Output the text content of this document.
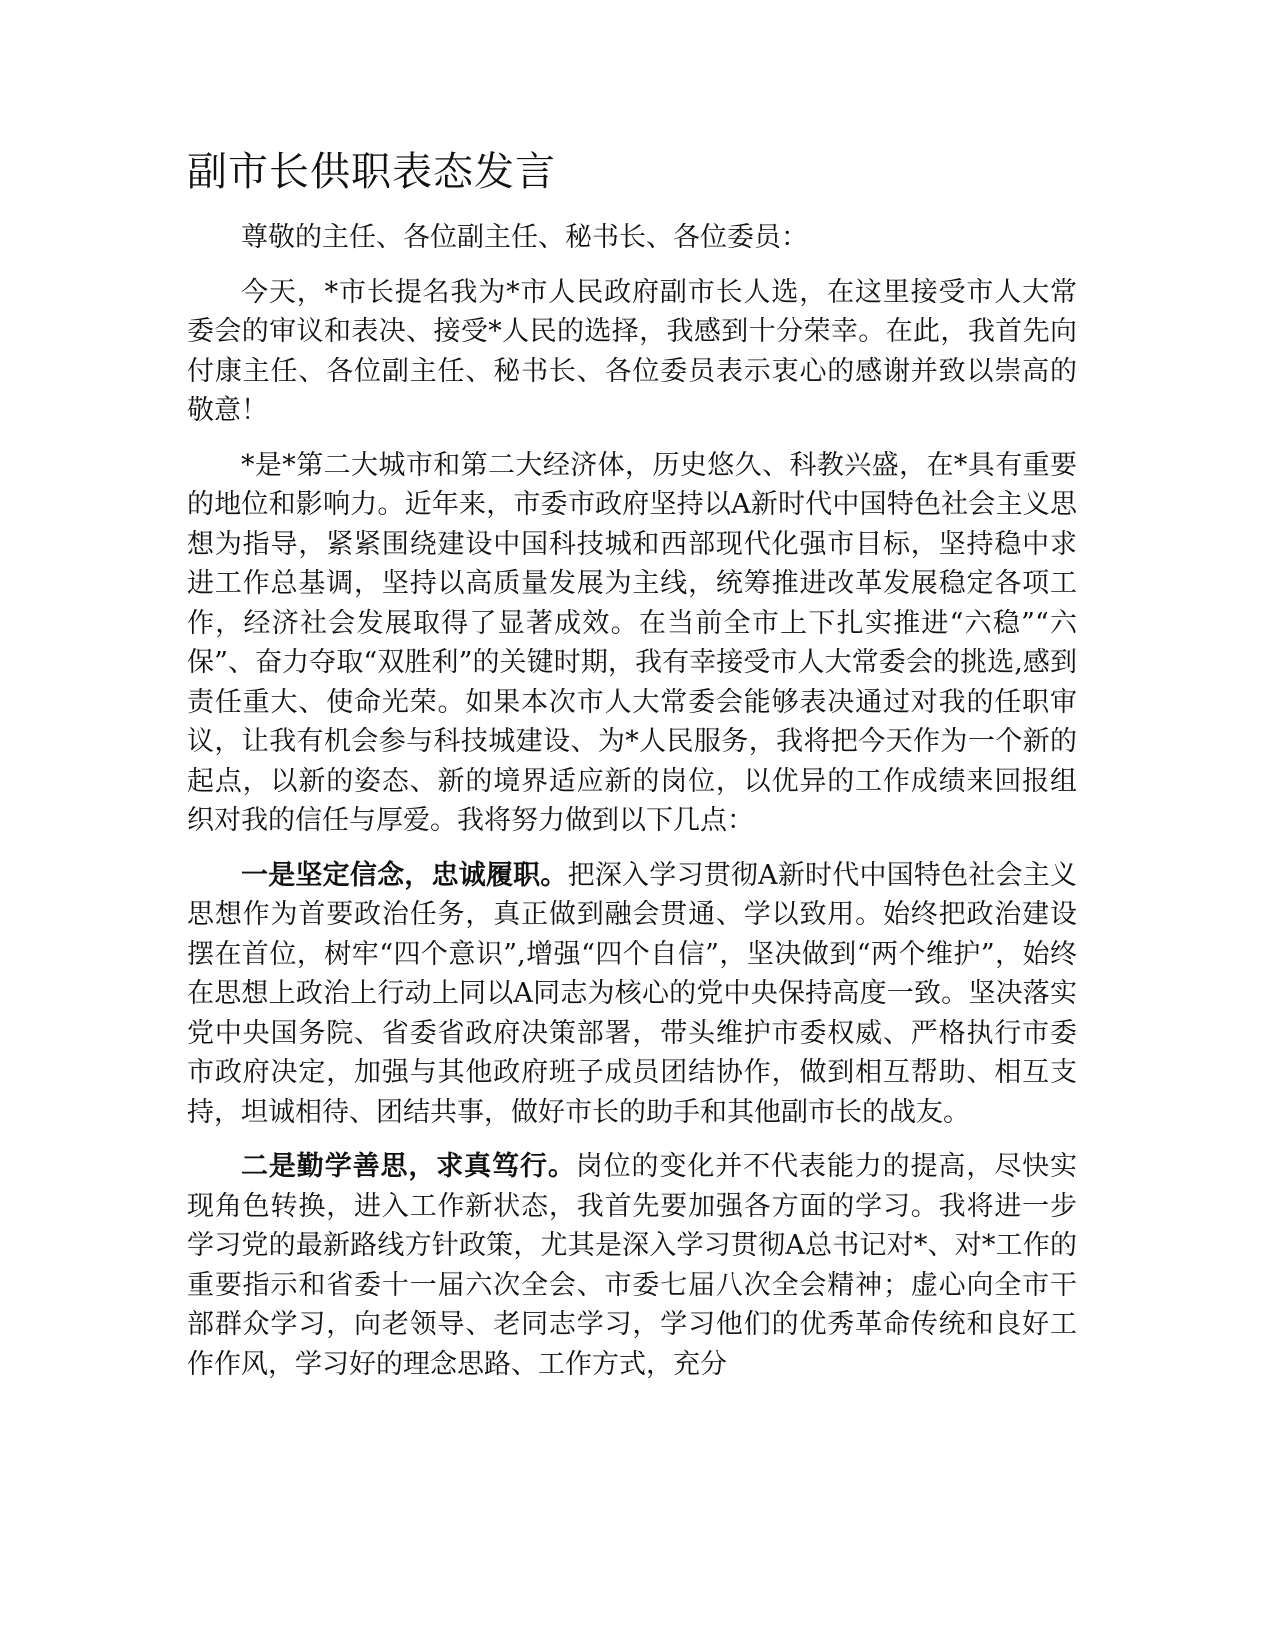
副市长供职表态发言

尊敬的主任、各位副主任、秘书长、各位委员：

今天，*市长提名我为*市人民政府副市长人选，在这里接受市人大常委会的审议和表决、接受*人民的选择，我感到十分荣幸。在此，我首先向付康主任、各位副主任、秘书长、各位委员表示衷心的感谢并致以崇高的敬意！

*是*第二大城市和第二大经济体，历史悠久、科教兴盛，在*具有重要的地位和影响力。近年来，市委市政府坚持以A新时代中国特色社会主义思想为指导，紧紧围绕建设中国科技城和西部现代化强市目标，坚持稳中求进工作总基调，坚持以高质量发展为主线，统筹推进改革发展稳定各项工作，经济社会发展取得了显著成效。在当前全市上下扎实推进“六稳”“六保”、奋力夺取“双胜利”的关键时期，我有幸接受市人大常委会的挑选,感到责任重大、使命光荣。如果本次市人大常委会能够表决通过对我的任职审议，让我有机会参与科技城建设、为*人民服务，我将把今天作为一个新的起点，以新的姿态、新的境界适应新的岗位，以优异的工作成绩来回报组织对我的信任与厚爱。我将努力做到以下几点：

一是坚定信念，忠诚履职。把深入学习贯彻A新时代中国特色社会主义思想作为首要政治任务，真正做到融会贯通、学以致用。始终把政治建设摆在首位，树牢“四个意识”,增强“四个自信”，坚决做到“两个维护”，始终在思想上政治上行动上同以A同志为核心的党中央保持高度一致。坚决落实党中央国务院、省委省政府决策部署，带头维护市委权威、严格执行市委市政府决定，加强与其他政府班子成员团结协作，做到相互帮助、相互支持，坦诚相待、团结共事，做好市长的助手和其他副市长的战友。

二是勤学善思，求真笃行。岗位的变化并不代表能力的提高，尽快实现角色转换，进入工作新状态，我首先要加强各方面的学习。我将进一步学习党的最新路线方针政策，尤其是深入学习贯彻A总书记对*、对*工作的重要指示和省委十一届六次全会、市委七届八次全会精神；虚心向全市干部群众学习，向老领导、老同志学习，学习他们的优秀革命传统和良好工作作风，学习好的理念思路、工作方式，充分
